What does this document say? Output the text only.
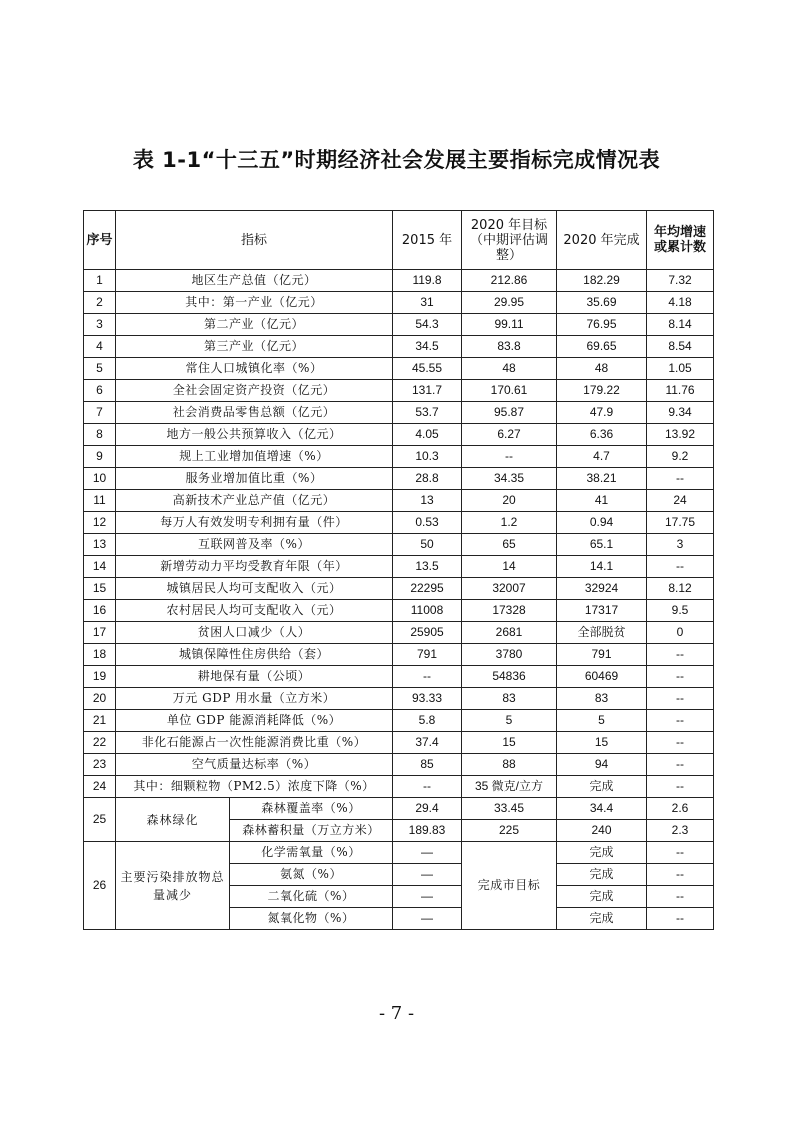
表 1-1“十三五”时期经济社会发展主要指标完成情况表
序号	指标		2015 年	2020 年目标（中期评估调整）	2020 年完成	年均增速或累计数
1	地区生产总值（亿元）		119.8	212.86	182.29	7.32
2	其中：第一产业（亿元）		31	29.95	35.69	4.18
3	第二产业（亿元）		54.3	99.11	76.95	8.14
4	第三产业（亿元）		34.5	83.8	69.65	8.54
5	常住人口城镇化率（%）		45.55	48	48	1.05
6	全社会固定资产投资（亿元）		131.7	170.61	179.22	11.76
7	社会消费品零售总额（亿元）		53.7	95.87	47.9	9.34
8	地方一般公共预算收入（亿元）		4.05	6.27	6.36	13.92
9	规上工业增加值增速（%）		10.3	--	4.7	9.2
10	服务业增加值比重（%）		28.8	34.35	38.21	--
11	高新技术产业总产值（亿元）		13	20	41	24
12	每万人有效发明专利拥有量（件）		0.53	1.2	0.94	17.75
13	互联网普及率（%）		50	65	65.1	3
14	新增劳动力平均受教育年限（年）		13.5	14	14.1	--
15	城镇居民人均可支配收入（元）		22295	32007	32924	8.12
16	农村居民人均可支配收入（元）		11008	17328	17317	9.5
17	贫困人口减少（人）		25905	2681	全部脱贫	0
18	城镇保障性住房供给（套）		791	3780	791	--
19	耕地保有量（公顷）		--	54836	60469	--
20	万元 GDP 用水量（立方米）		93.33	83	83	--
21	单位 GDP 能源消耗降低（%）		5.8	5	5	--
22	非化石能源占一次性能源消费比重（%）		37.4	15	15	--
23	空气质量达标率（%）		85	88	94	--
24	其中：细颗粒物（PM2.5）浓度下降（%）		--	35 微克/立方	完成	--
25	森林绿化	森林覆盖率（%）	29.4	33.45	34.4	2.6
		森林蓄积量（万立方米）	189.83	225	240	2.3
26	主要污染排放物总量减少	化学需氧量（%）	—	完成市目标	完成	--
		氨氮（%）	—		完成	--
		二氧化硫（%）	—		完成	--
		氮氧化物（%）	—		完成	--
- 7 -
